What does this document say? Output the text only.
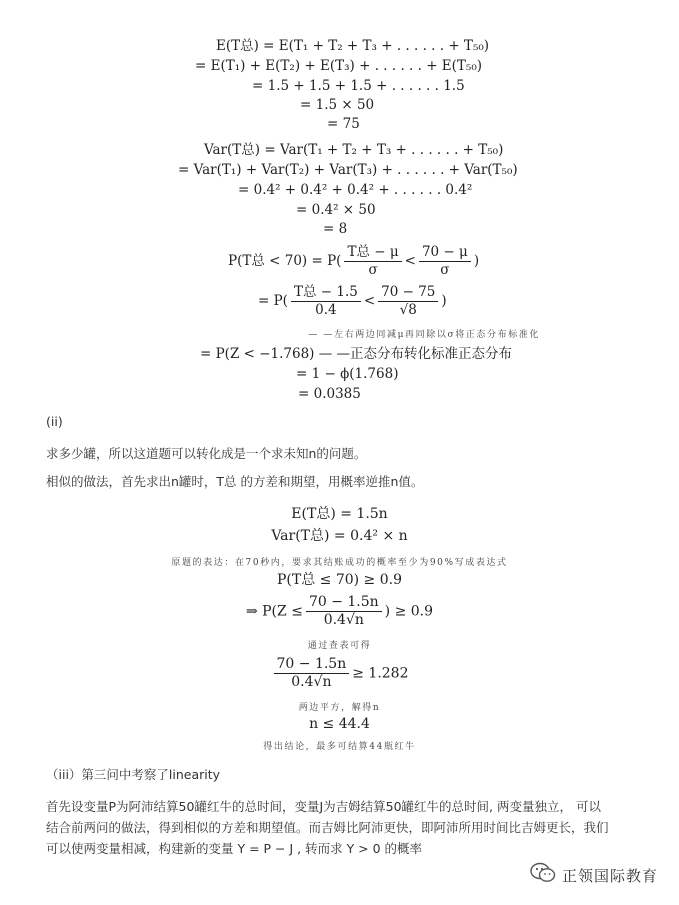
E(T总) = E(T₁ + T₂ + T₃ + . . . . . . + T₅₀)
= E(T₁) + E(T₂) + E(T₃) + . . . . . . + E(T₅₀)
= 1.5 + 1.5 + 1.5 + . . . . . . 1.5
= 1.5 × 50
= 75
Var(T总) = Var(T₁ + T₂ + T₃ + . . . . . . + T₅₀)
= Var(T₁) + Var(T₂) + Var(T₃) + . . . . . . + Var(T₅₀)
= 0.4² + 0.4² + 0.4² + . . . . . . 0.4²
= 0.4² × 50
= 8
P(T总 < $70) = P( \frac{\text{T总 − μ}}{\sigma} < \frac{70 - \mu}{\sigma}$ )
= $P( \frac{\text{T总 − 1.5}}{0.4} < \frac{70 - 75}{√8}$ )
— —左右两边同减μ再同除以σ将正态分布标准化
= P(Z < −1.768) — —正态分布转化标准正态分布
= 1 − ϕ(1.768)
= 0.0385
(ii)
求多少罐，所以这道题可以转化成是一个求未知n的问题。
相似的做法，首先求出n罐时，T总 的方差和期望，用概率逆推n值。
E(T总) = 1.5n
Var(T总) = 0.4² × n
原题的表达：在70秒内，要求其结账成功的概率至少为90%写成表达式
P(T总 ≤ 70) ≥ 0.9
⇒ $P(Z \le \frac{70 - 1.5n}{0.4√n}$ ) ≥ 0.9
通过查表可得
$\frac{70 - 1.5n}{0.4√n} \ge 1.282$
两边平方，解得n
n ≤ 44.4
得出结论，最多可结算44瓶红牛
（iii）第三问中考察了linearity
首先设变量P为阿沛结算50罐红牛的总时间，变量J为吉姆结算50罐红牛的总时间, 两变量独立， 可以
结合前两问的做法，得到相似的方差和期望值。而吉姆比阿沛更快，即阿沛所用时间比吉姆更长，我们
可以使两变量相减，构建新的变量 Y = P − J , 转而求 Y > 0 的概率
正领国际教育
